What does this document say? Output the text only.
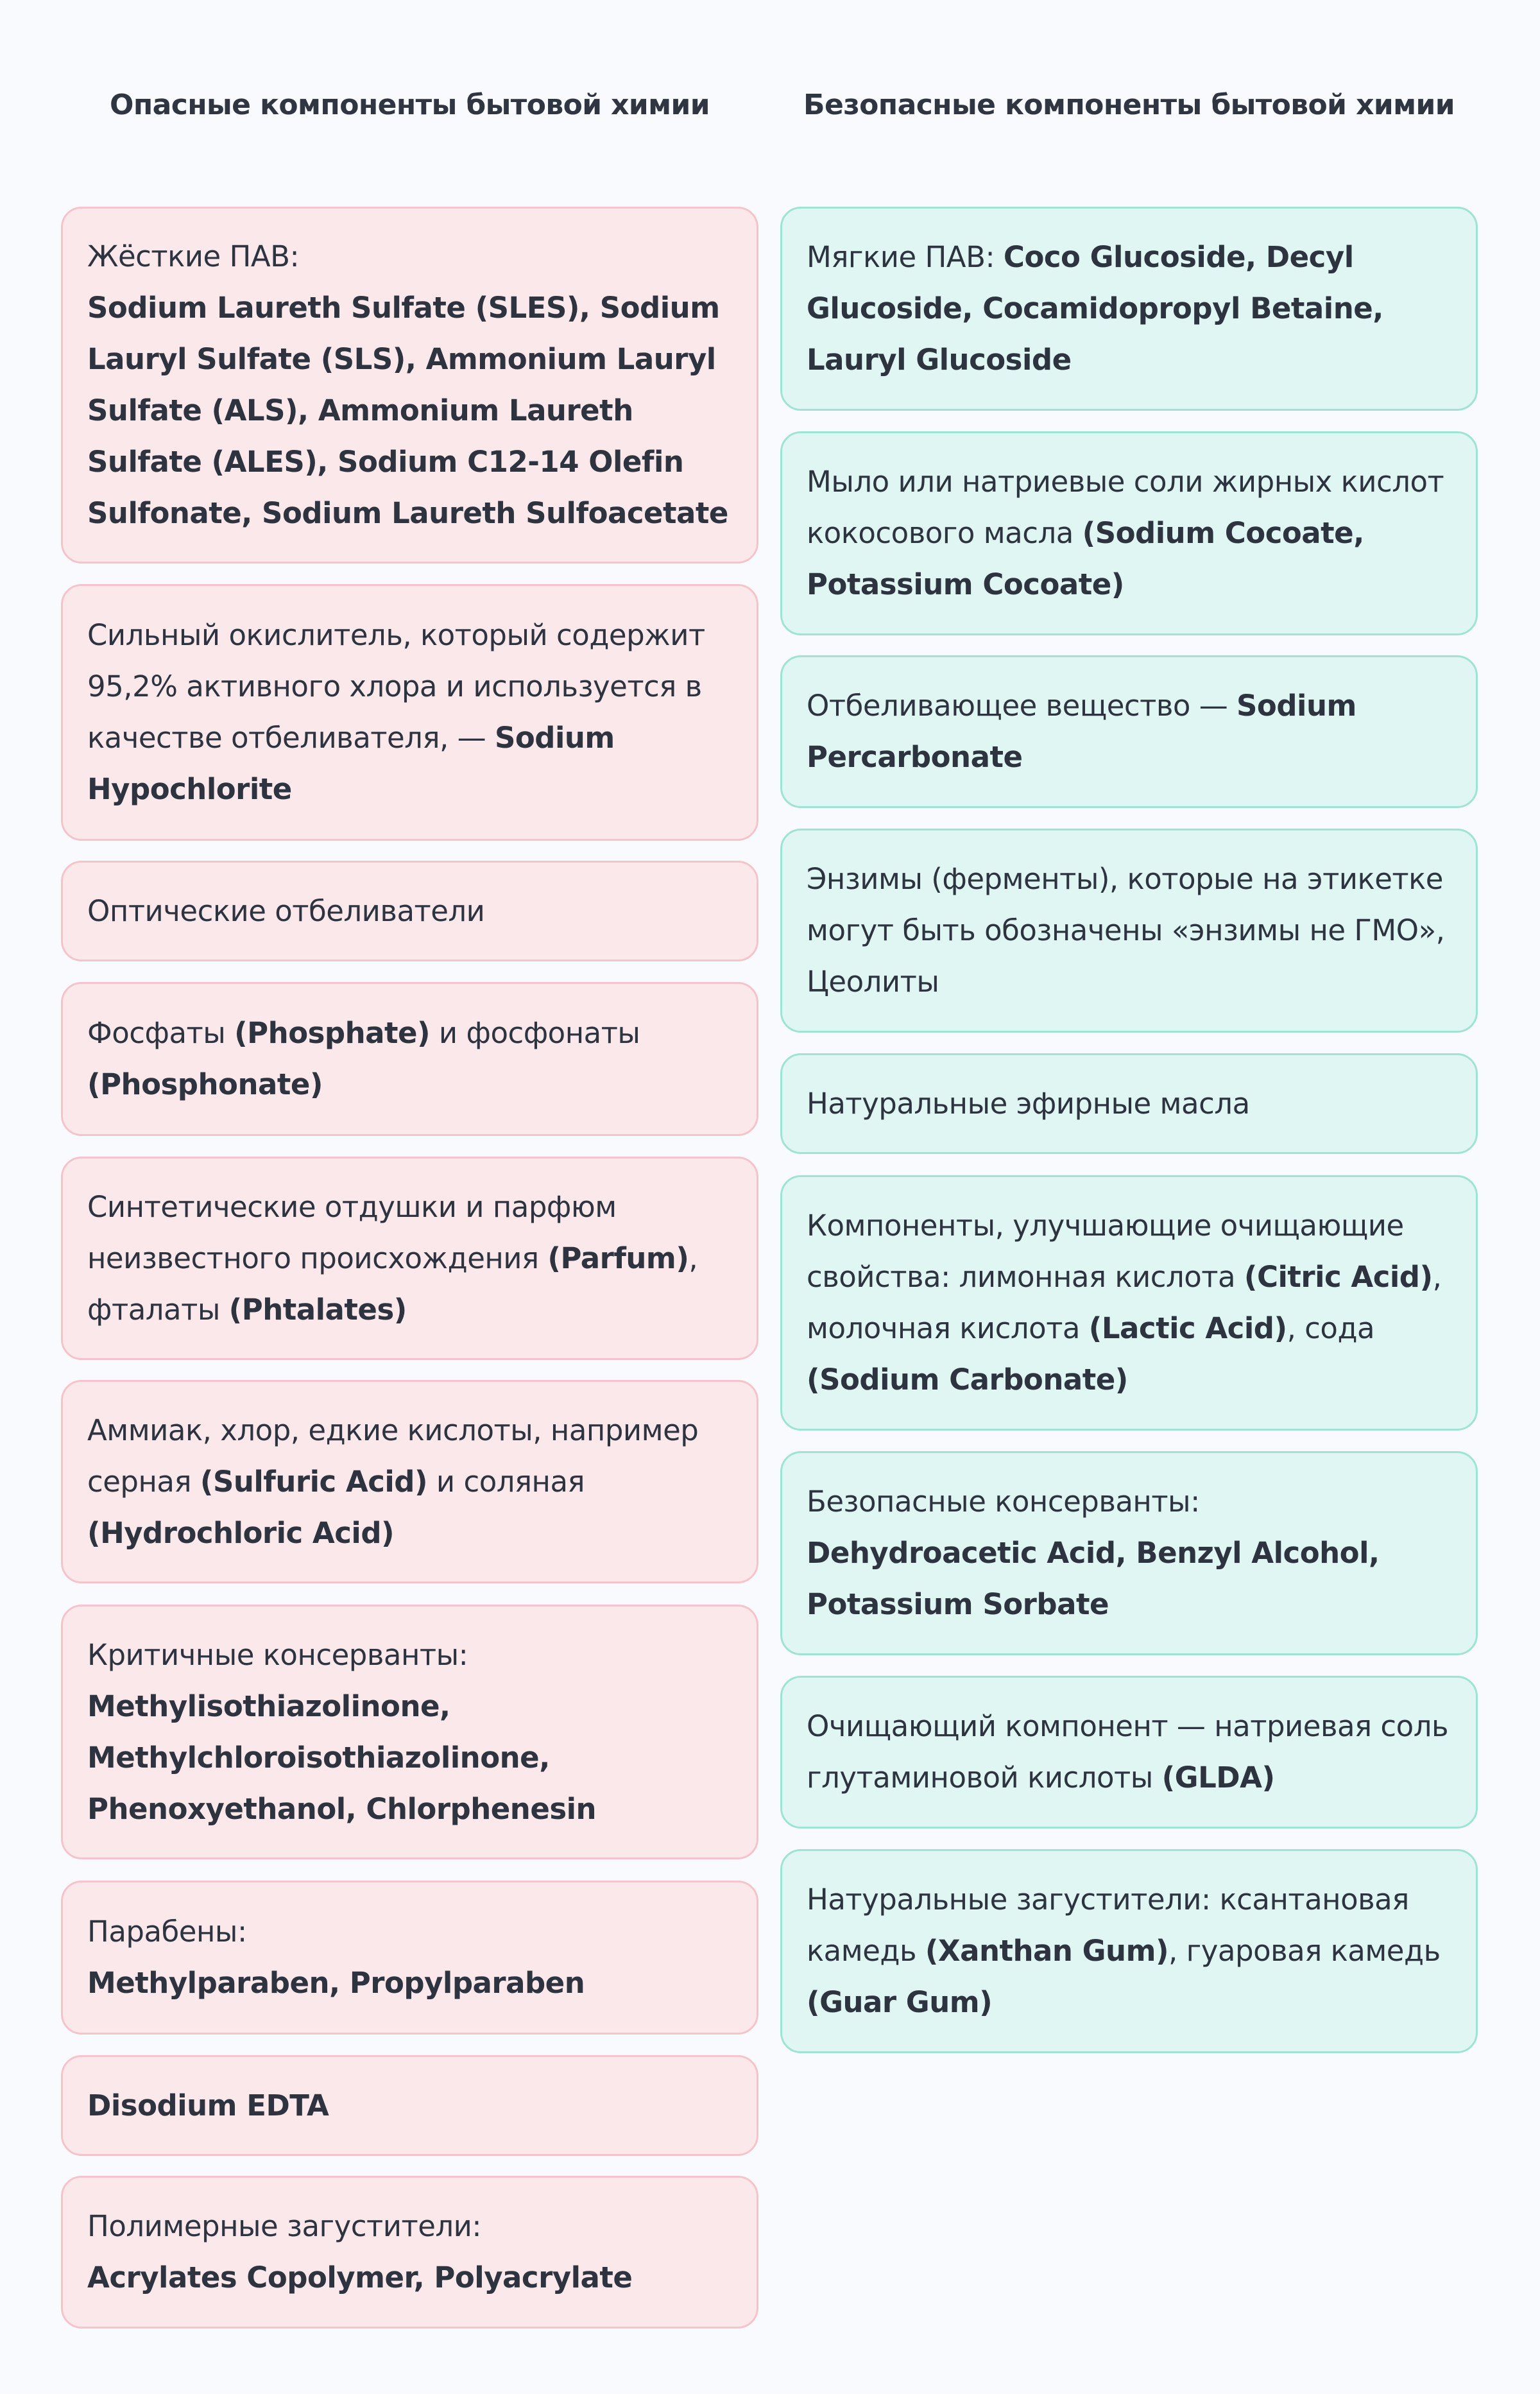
Опасные компоненты бытовой химии
Жёсткие ПАВ:
Sodium Laureth Sulfate (SLES), Sodium Lauryl Sulfate (SLS), Ammonium Lauryl Sulfate (ALS), Ammonium Laureth Sulfate (ALES), Sodium C12-14 Olefin Sulfonate, Sodium Laureth Sulfoacetate
Сильный окислитель, который содержит 95,2% активного хлора и используется в качестве отбеливателя, — Sodium Hypochlorite
Оптические отбеливатели
Фосфаты (Phosphate) и фосфонаты (Phosphonate)
Синтетические отдушки и парфюм неизвестного происхождения (Parfum), фталаты (Phtalates)
Аммиак, хлор, едкие кислоты, например серная (Sulfuric Acid) и соляная (Hydrochloric Acid)
Критичные консерванты:
Methylisothiazolinone, Methylchloroisothiazolinone, Phenoxyethanol, Chlorphenesin
Парабены:
Methylparaben, Propylparaben
Disodium EDTA
Полимерные загустители:
Acrylates Copolymer, Polyacrylate
Безопасные компоненты бытовой химии
Мягкие ПАВ: Coco Glucoside, Decyl Glucoside, Cocamidopropyl Betaine, Lauryl Glucoside
Мыло или натриевые соли жирных кислот кокосового масла (Sodium Cocoate, Potassium Cocoate)
Отбеливающее вещество — Sodium Percarbonate
Энзимы (ферменты), которые на этикетке могут быть обозначены «энзимы не ГМО», Цеолиты
Натуральные эфирные масла
Компоненты, улучшающие очищающие свойства: лимонная кислота (Citric Acid), молочная кислота (Lactic Acid), сода (Sodium Carbonate)
Безопасные консерванты:
Dehydroacetic Acid, Benzyl Alcohol, Potassium Sorbate
Очищающий компонент — натриевая соль глутаминовой кислоты (GLDA)
Натуральные загустители: ксантановая камедь (Xanthan Gum), гуаровая камедь (Guar Gum)
